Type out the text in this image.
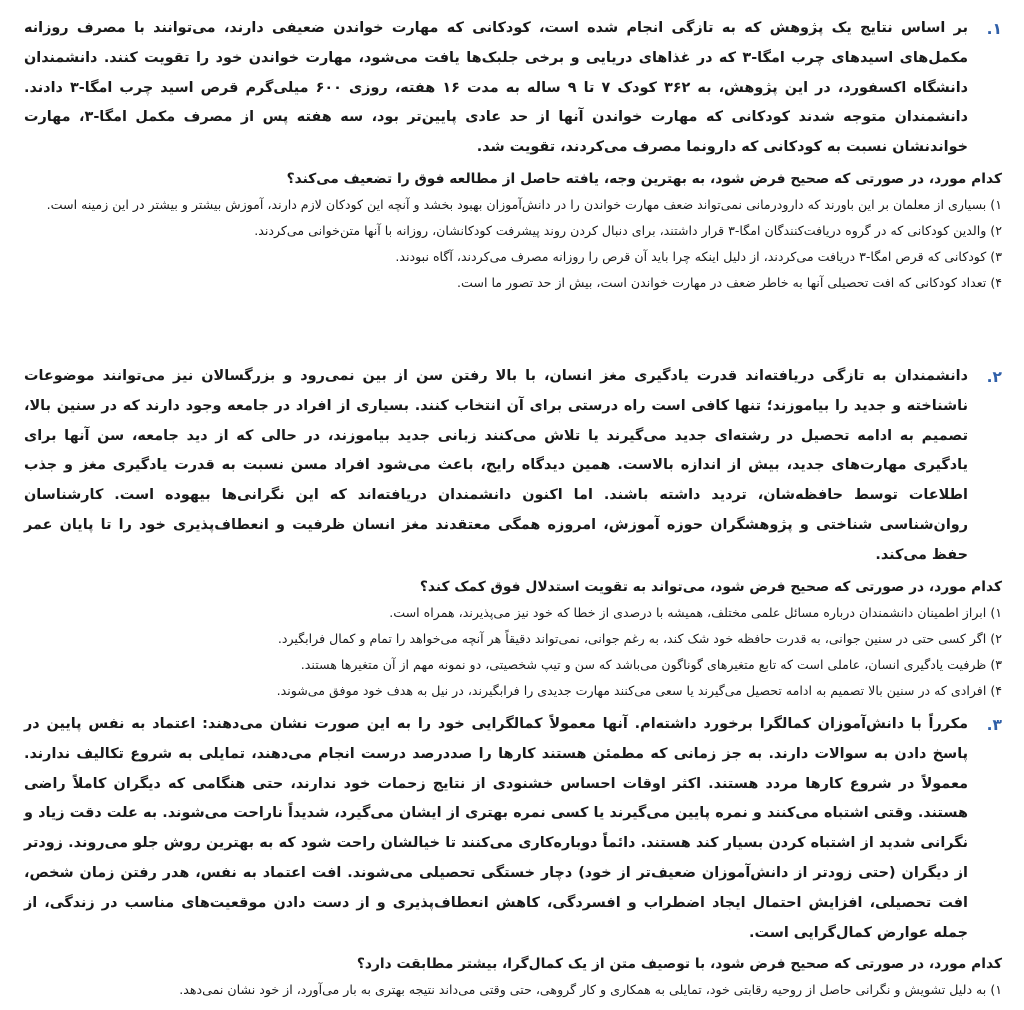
۱.

بر اساس نتایج یک پژوهش که به تازگی انجام شده است، کودکانی که مهارت خواندن ضعیفی دارند، می‌توانند با مصرف روزانه مکمل‌های اسیدهای چرب امگا-۳ که در غذاهای دریایی و برخی جلبک‌ها یافت می‌شود، مهارت خواندن خود را تقویت کنند. دانشمندان دانشگاه اکسفورد، در این پژوهش، به ۳۶۲ کودک ۷ تا ۹ ساله به مدت ۱۶ هفته، روزی ۶۰۰ میلی‌گرم قرص اسید چرب امگا-۳ دادند. دانشمندان متوجه شدند کودکانی که مهارت خواندن آنها از حد عادی پایین‌تر بود، سه هفته پس از مصرف مکمل امگا-۳، مهارت خواندنشان نسبت به کودکانی که دارونما مصرف می‌کردند، تقویت شد.

کدام مورد، در صورتی که صحیح فرض شود، به بهترین وجه، یافته حاصل از مطالعه فوق را تضعیف می‌کند؟
۱) بسیاری از معلمان بر این باورند که دارودرمانی نمی‌تواند ضعف مهارت خواندن را در دانش‌آموزان بهبود بخشد و آنچه این کودکان لازم دارند، آموزش بیشتر و بیشتر در این زمینه است.
۲) والدین کودکانی که در گروه دریافت‌کنندگان امگا-۳ قرار داشتند، برای دنبال کردن روند پیشرفت کودکانشان، روزانه با آنها متن‌خوانی می‌کردند.
۳) کودکانی که قرص امگا-۳ دریافت می‌کردند، از دلیل اینکه چرا باید آن قرص را روزانه مصرف می‌کردند، آگاه نبودند.
۴) تعداد کودکانی که افت تحصیلی آنها به خاطر ضعف در مهارت خواندن است، بیش از حد تصور ما است.
۲.

دانشمندان به تازگی دریافته‌اند قدرت یادگیری مغز انسان، با بالا رفتن سن از بین نمی‌رود و بزرگسالان نیز می‌توانند موضوعات ناشناخته و جدید را بیاموزند؛ تنها کافی است راه درستی برای آن انتخاب کنند. بسیاری از افراد در جامعه وجود دارند که در سنین بالا، تصمیم به ادامه تحصیل در رشته‌ای جدید می‌گیرند یا تلاش می‌کنند زبانی جدید بیاموزند، در حالی که از دید جامعه، سن آنها برای یادگیری مهارت‌های جدید، بیش از اندازه بالاست. همین دیدگاه رایج، باعث می‌شود افراد مسن نسبت به قدرت یادگیری مغز و جذب اطلاعات توسط حافظه‌شان، تردید داشته باشند. اما اکنون دانشمندان دریافته‌اند که این نگرانی‌ها بیهوده است. کارشناسان روان‌شناسی شناختی و پژوهشگران حوزه آموزش، امروزه همگی معتقدند مغز انسان ظرفیت و انعطاف‌پذیری خود را تا پایان عمر حفظ می‌کند.

کدام مورد، در صورتی که صحیح فرض شود، می‌تواند به تقویت استدلال فوق کمک کند؟
۱) ابراز اطمینان دانشمندان درباره مسائل علمی مختلف، همیشه با درصدی از خطا که خود نیز می‌پذیرند، همراه است.
۲) اگر کسی حتی در سنین جوانی، به قدرت حافظه خود شک کند، به رغم جوانی، نمی‌تواند دقیقاً هر آنچه می‌خواهد را تمام و کمال فرابگیرد.
۳) ظرفیت یادگیری انسان، عاملی است که تابع متغیرهای گوناگون می‌باشد که سن و تیپ شخصیتی، دو نمونه مهم از آن متغیرها هستند.
۴) افرادی که در سنین بالا تصمیم به ادامه تحصیل می‌گیرند یا سعی می‌کنند مهارت جدیدی را فرابگیرند، در نیل به هدف خود موفق می‌شوند.
۳.

مکرراً با دانش‌آموزان کمالگرا برخورد داشته‌ام. آنها معمولاً کمالگرایی خود را به این صورت نشان می‌دهند: اعتماد به نفس پایین در پاسخ دادن به سوالات دارند. به جز زمانی که مطمئن هستند کارها را صددرصد درست انجام می‌دهند، تمایلی به شروع تکالیف ندارند. معمولاً در شروع کارها مردد هستند. اکثر اوقات احساس خشنودی از نتایج زحمات خود ندارند، حتی هنگامی که دیگران کاملاً راضی هستند. وقتی اشتباه می‌کنند و نمره پایین می‌گیرند یا کسی نمره بهتری از ایشان می‌گیرد، شدیداً ناراحت می‌شوند. به علت دقت زیاد و نگرانی شدید از اشتباه کردن بسیار کند هستند. دائماً دوباره‌کاری می‌کنند تا خیالشان راحت شود که به بهترین روش جلو می‌روند. زودتر از دیگران (حتی زودتر از دانش‌آموزان ضعیف‌تر از خود) دچار خستگی تحصیلی می‌شوند. افت اعتماد به نفس، هدر رفتن زمان شخص، افت تحصیلی، افزایش احتمال ایجاد اضطراب و افسردگی، کاهش انعطاف‌پذیری و از دست دادن موقعیت‌های مناسب در زندگی، از جمله عوارض کمال‌گرایی است.

کدام مورد، در صورتی که صحیح فرض شود، با توصیف متن از یک کمال‌گرا، بیشتر مطابقت دارد؟
۱) به دلیل تشویش و نگرانی حاصل از روحیه رقابتی خود، تمایلی به همکاری و کار گروهی، حتی وقتی می‌داند نتیجه بهتری به بار می‌آورد، از خود نشان نمی‌دهد.
